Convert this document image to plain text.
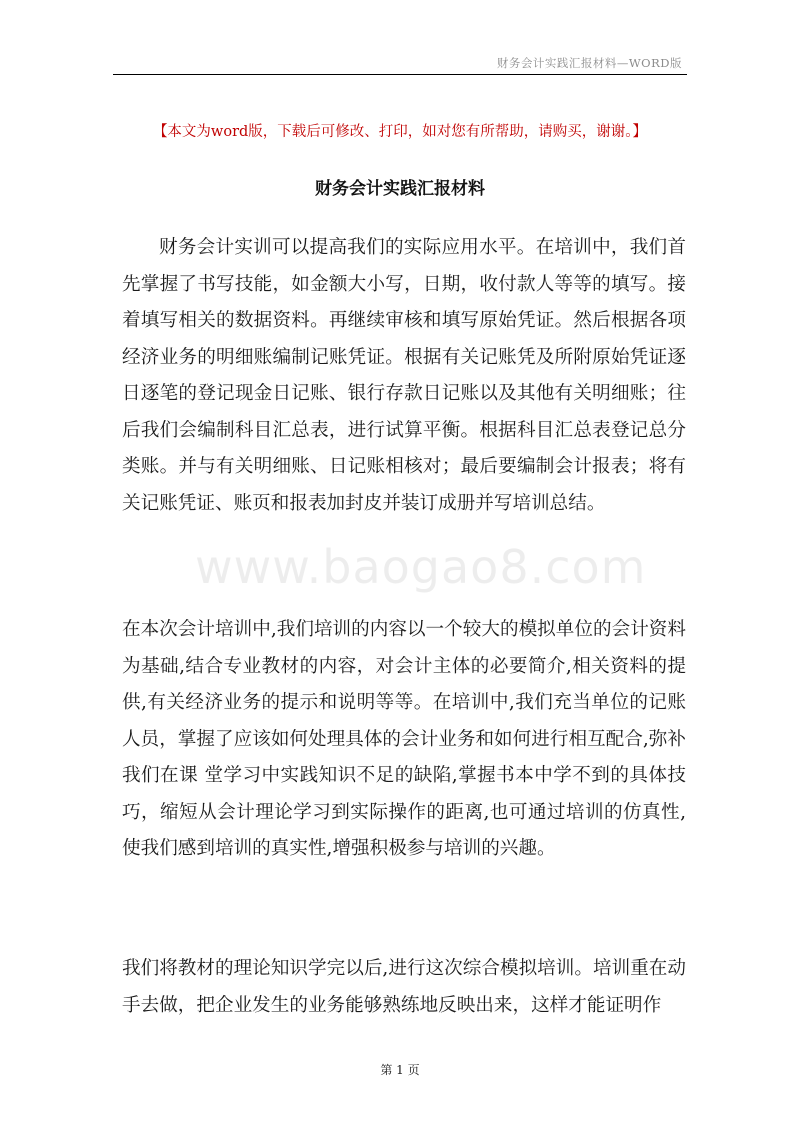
财务会计实践汇报材料—WORD版
【本文为word版，下载后可修改、打印，如对您有所帮助，请购买，谢谢。】
财务会计实践汇报材料

财务会计实训可以提高我们的实际应用水平。在培训中，我们首先掌握了书写技能，如金额大小写，日期，收付款人等等的填写。接着填写相关的数据资料。再继续审核和填写原始凭证。然后根据各项经济业务的明细账编制记账凭证。根据有关记账凭及所附原始凭证逐日逐笔的登记现金日记账、银行存款日记账以及其他有关明细账；往后我们会编制科目汇总表，进行试算平衡。根据科目汇总表登记总分类账。并与有关明细账、日记账相核对；最后要编制会计报表；将有关记账凭证、账页和报表加封皮并装订成册并写培训总结。

在本次会计培训中,我们培训的内容以一个较大的模拟单位的会计资料为基础,结合专业教材的内容，对会计主体的必要简介,相关资料的提供,有关经济业务的提示和说明等等。在培训中,我们充当单位的记账人员，掌握了应该如何处理具体的会计业务和如何进行相互配合,弥补我们在课 堂学习中实践知识不足的缺陷,掌握书本中学不到的具体技巧，缩短从会计理论学习到实际操作的距离,也可通过培训的仿真性,使我们感到培训的真实性,增强积极参与培训的兴趣。

我们将教材的理论知识学完以后,进行这次综合模拟培训。培训重在动手去做，把企业发生的业务能够熟练地反映出来，这样才能证明作

www.baogao8.com
第 1 页
